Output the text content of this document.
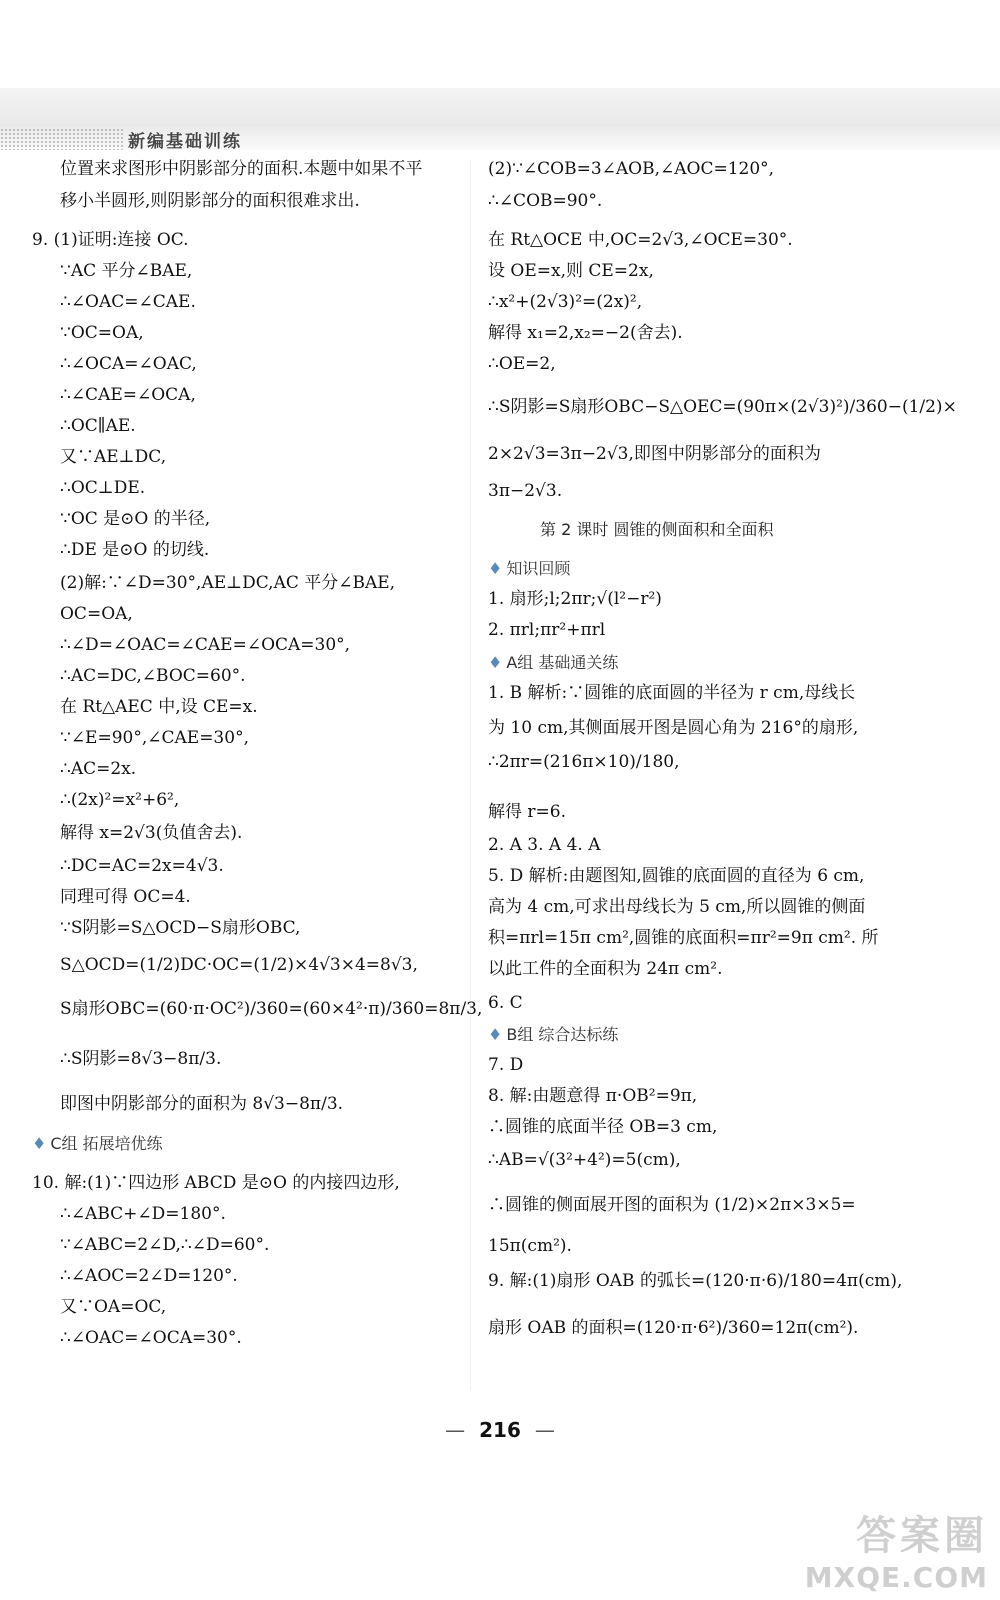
新编基础训练
位置来求图形中阴影部分的面积.本题中如果不平
移小半圆形,则阴影部分的面积很难求出.
9. (1)证明:连接 OC.
∵AC 平分∠BAE,
∴∠OAC=∠CAE.
∵OC=OA,
∴∠OCA=∠OAC,
∴∠CAE=∠OCA,
∴OC∥AE.
又∵AE⊥DC,
∴OC⊥DE.
∵OC 是⊙O 的半径,
∴DE 是⊙O 的切线.
(2)解:∵∠D=30°,AE⊥DC,AC 平分∠BAE,
OC=OA,
∴∠D=∠OAC=∠CAE=∠OCA=30°,
∴AC=DC,∠BOC=60°.
在 Rt△AEC 中,设 CE=x.
∵∠E=90°,∠CAE=30°,
∴AC=2x.
∴(2x)²=x²+6²,
解得 x=2√3(负值舍去).
∴DC=AC=2x=4√3.
同理可得 OC=4.
∵S阴影=S△OCD−S扇形OBC,
S△OCD=(1/2)DC·OC=(1/2)×4√3×4=8√3,
S扇形OBC=(60·π·OC²)/360=(60×4²·π)/360=8π/3,
∴S阴影=8√3−8π/3.
即图中阴影部分的面积为 8√3−8π/3.
♦ C组 拓展培优练
10. 解:(1)∵四边形 ABCD 是⊙O 的内接四边形,
∴∠ABC+∠D=180°.
∵∠ABC=2∠D,∴∠D=60°.
∴∠AOC=2∠D=120°.
又∵OA=OC,
∴∠OAC=∠OCA=30°.
(2)∵∠COB=3∠AOB,∠AOC=120°,
∴∠COB=90°.
在 Rt△OCE 中,OC=2√3,∠OCE=30°.
设 OE=x,则 CE=2x,
∴x²+(2√3)²=(2x)²,
解得 x₁=2,x₂=−2(舍去).
∴OE=2,
∴S阴影=S扇形OBC−S△OEC=(90π×(2√3)²)/360−(1/2)×
2×2√3=3π−2√3,即图中阴影部分的面积为
3π−2√3.
第 2 课时 圆锥的侧面积和全面积
♦ 知识回顾
1. 扇形;l;2πr;√(l²−r²)
2. πrl;πr²+πrl
♦ A组 基础通关练
1. B 解析:∵圆锥的底面圆的半径为 r cm,母线长
为 10 cm,其侧面展开图是圆心角为 216°的扇形,
∴2πr=(216π×10)/180,
解得 r=6.
2. A 3. A 4. A
5. D 解析:由题图知,圆锥的底面圆的直径为 6 cm,
高为 4 cm,可求出母线长为 5 cm,所以圆锥的侧面
积=πrl=15π cm²,圆锥的底面积=πr²=9π cm². 所
以此工件的全面积为 24π cm².
6. C
♦ B组 综合达标练
7. D
8. 解:由题意得 π·OB²=9π,
∴圆锥的底面半径 OB=3 cm,
∴AB=√(3²+4²)=5(cm),
∴圆锥的侧面展开图的面积为 (1/2)×2π×3×5=
15π(cm²).
9. 解:(1)扇形 OAB 的弧长=(120·π·6)/180=4π(cm),
扇形 OAB 的面积=(120·π·6²)/360=12π(cm²).
— 216 —
答案圈
MXQE.COM
